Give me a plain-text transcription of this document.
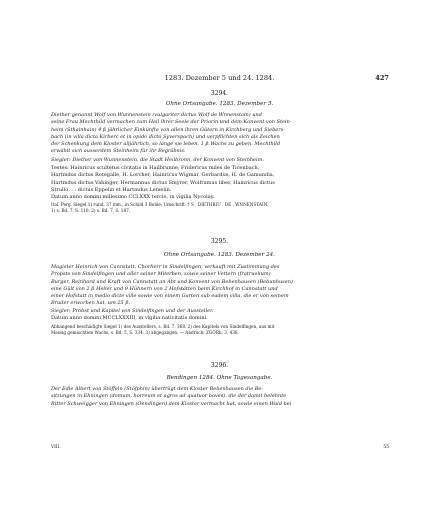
1283. Dezember 5 und 24. 1284.	427
3294.
Ohne Ortsangabe. 1283. Dezember 5.
Diether genannt Wolf von Wunnenstein (vulgariter dictus Wolf de Wnnenstain) und
seine Frau Mechthild vermachen zum Heil ihrer Seele der Priorin und dem Konvent von Stein-
heim (Sthainhain) 4 ß jährlicher Einkünfte von allen ihren Gütern in Kirchberg und Siebers-
bach (in villa dicta Kirberc et in opido dicto Syverspach) und verpflichten sich als Zeichen
der Schenkung dem Kloster alljährlich, so lange sie leben, 1 ß Wachs zu geben. Mechthild
erwählt sich ausserdem Steinheim für ihr Begräbnis.
Siegler: Diether von Wunnenstein, die Stadt Heilbronn, der Konvent von Steinheim.
Testes: Hainricus scultetus civitatis in Hailbrunne, Fridericus miles de Ticenbach,
Hartmdus dictus Rotegalle, H. Lorcher, Hainricus Wigmar, Gerbardus, H. de Gamundia,
Hartmdus dictus Vahinger, Hermannus dictus Smyrer, Wolframus liber, Hainricus dictus
Strullo, . . dictus Eppelin et Hartmdus Lemelin.
Datum anno domini millesimo CCLXXX tercio, in vigilia Nycolay.
Ital. Perg. Siegel 1) rund, 37 mm., in Schild 3 Bohle; Umschrift: † S . DIETHRIU . DE . WNNENSTAIN.
1) s. Bd. 7, S. 110. 2) s. Bd. 7, S. 187.
3295.
Ohne Ortsangabe. 1283. Dezember 24.
Magister Heinrich von Cannstatt, Chorherr in Sindelfingen, verkauft mit Zustimmung des
Propsts von Sindelfingen und aller seiner Miterben, sowie seiner Vettern (fratruelium)
Burger, Reinhard und Kraft von Cannstatt an Abt und Konvent von Bebenhausen (Bebunhusen)
eine Gült von 2 ß Heller und 9 Hühnern von 2 Hofstätten beim Kirchhof in Cannstatt und
einer Hofstatt in medio dicte ville sowie von einem Garten sub eadem villa, die er von seinem
Bruder erworben hat, um 25 ß.
Siegler: Probst und Kapitel von Sindelfingen und der Aussteller.
Datum anno domini MCCLXXXIII, in vigilia nativitatis domini.
Abhangend beschädigte Siegel 1) des Ausstellers, s. Bd. 7, 368. 2) des Kapitels von Sindelfingen, aus mit
Messig gemischtem Wachs, s. Bd. 5, S. 334. 3) abgegangen. — Abdruck: ZGORh. 3, 436.
3296.
Bendingen 1284. Ohne Tagesangabe.
Der Edle Albert von Stöffeln (Stöfphin) überträgt dem Kloster Bebenhausen die Be-
sitzungen in Ehningen (domum, horreum et agros ad quatuor boves), die der damit belehnte
Ritter Schweigger von Ehningen (Oendingen) dem Kloster vermacht hat, sowie einen Wald bei
VIII.	55
